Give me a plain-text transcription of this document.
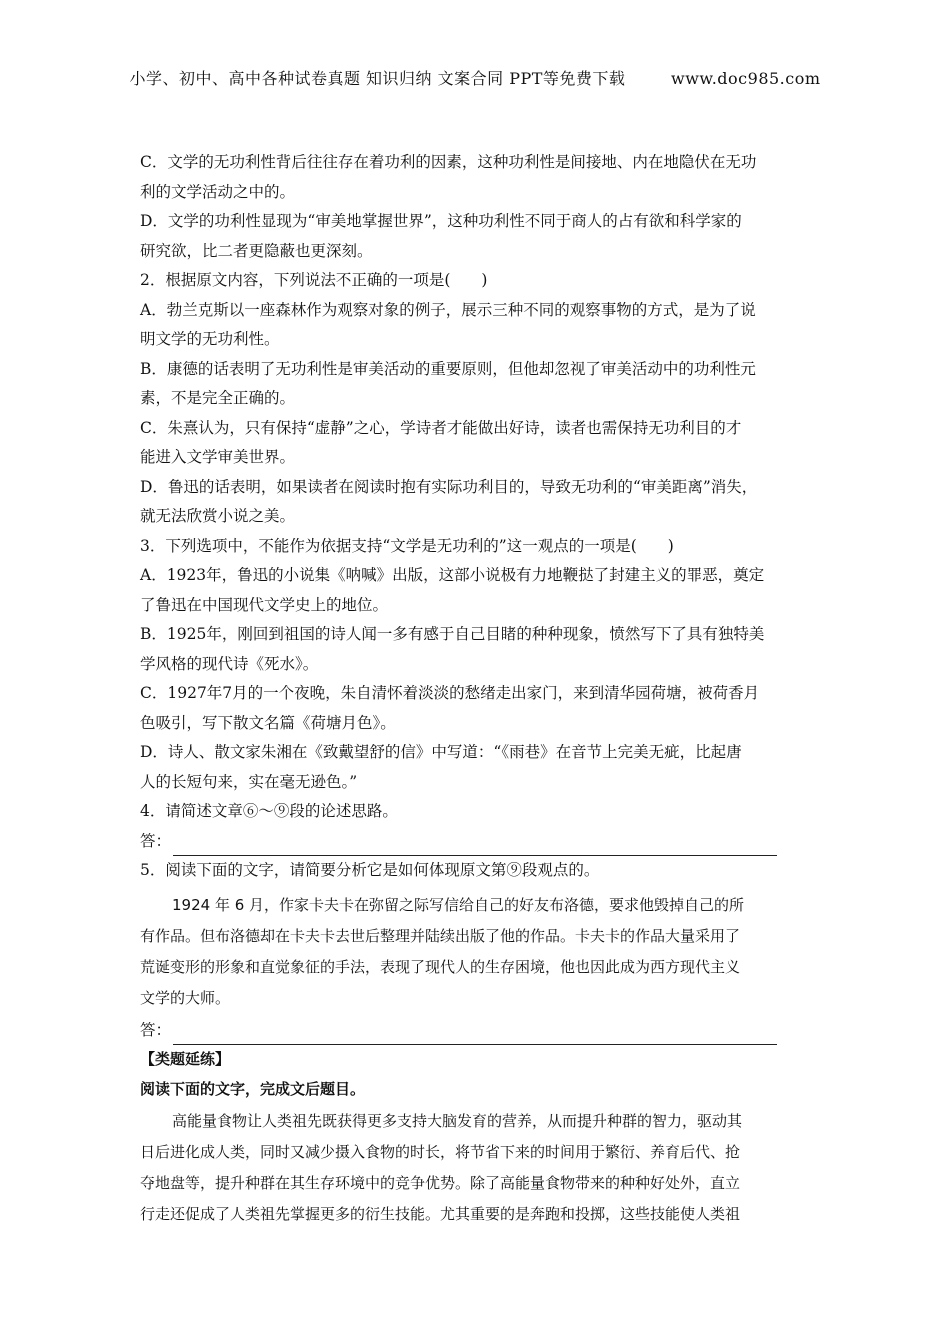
小学、初中、高中各种试卷真题 知识归纳 文案合同 PPT等免费下载	www.doc985.com
C．文学的无功利性背后往往存在着功利的因素，这种功利性是间接地、内在地隐伏在无功
利的文学活动之中的。
D．文学的功利性显现为“审美地掌握世界”，这种功利性不同于商人的占有欲和科学家的
研究欲，比二者更隐蔽也更深刻。
2．根据原文内容，下列说法不正确的一项是(　　)
A．勃兰克斯以一座森林作为观察对象的例子，展示三种不同的观察事物的方式，是为了说
明文学的无功利性。
B．康德的话表明了无功利性是审美活动的重要原则，但他却忽视了审美活动中的功利性元
素，不是完全正确的。
C．朱熹认为，只有保持“虚静”之心，学诗者才能做出好诗，读者也需保持无功利目的才
能进入文学审美世界。
D．鲁迅的话表明，如果读者在阅读时抱有实际功利目的，导致无功利的“审美距离”消失，
就无法欣赏小说之美。
3．下列选项中，不能作为依据支持“文学是无功利的”这一观点的一项是(　　)
A．1923年，鲁迅的小说集《呐喊》出版，这部小说极有力地鞭挞了封建主义的罪恶，奠定
了鲁迅在中国现代文学史上的地位。
B．1925年，刚回到祖国的诗人闻一多有感于自己目睹的种种现象，愤然写下了具有独特美
学风格的现代诗《死水》。
C．1927年7月的一个夜晚，朱自清怀着淡淡的愁绪走出家门，来到清华园荷塘，被荷香月
色吸引，写下散文名篇《荷塘月色》。
D．诗人、散文家朱湘在《致戴望舒的信》中写道：“《雨巷》在音节上完美无疵，比起唐
人的长短句来，实在毫无逊色。”
4．请简述文章⑥～⑨段的论述思路。
答：
5．阅读下面的文字，请简要分析它是如何体现原文第⑨段观点的。
1924 年 6 月，作家卡夫卡在弥留之际写信给自己的好友布洛德，要求他毁掉自己的所
有作品。但布洛德却在卡夫卡去世后整理并陆续出版了他的作品。卡夫卡的作品大量采用了
荒诞变形的形象和直觉象征的手法，表现了现代人的生存困境，他也因此成为西方现代主义
文学的大师。
答：
【类题延练】
阅读下面的文字，完成文后题目。
高能量食物让人类祖先既获得更多支持大脑发育的营养，从而提升种群的智力，驱动其
日后进化成人类，同时又减少摄入食物的时长，将节省下来的时间用于繁衍、养育后代、抢
夺地盘等，提升种群在其生存环境中的竞争优势。除了高能量食物带来的种种好处外，直立
行走还促成了人类祖先掌握更多的衍生技能。尤其重要的是奔跑和投掷，这些技能使人类祖
